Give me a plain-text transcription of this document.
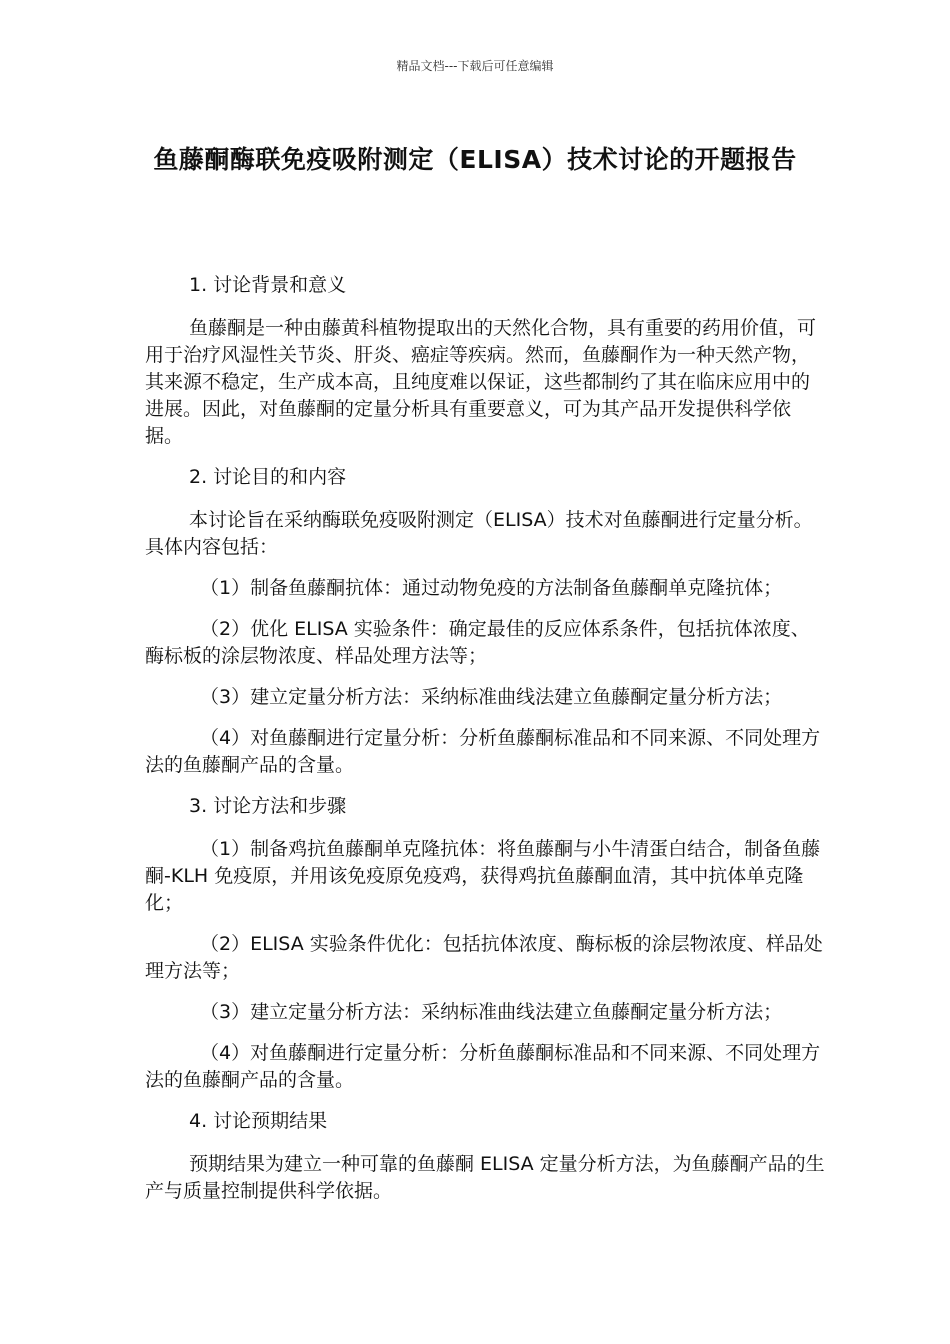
精品文档---下载后可任意编辑
鱼藤酮酶联免疫吸附测定（ELISA）技术讨论的开题报告

1. 讨论背景和意义

鱼藤酮是一种由藤黄科植物提取出的天然化合物，具有重要的药用价值，可用于治疗风湿性关节炎、肝炎、癌症等疾病。然而，鱼藤酮作为一种天然产物，其来源不稳定，生产成本高，且纯度难以保证，这些都制约了其在临床应用中的进展。因此，对鱼藤酮的定量分析具有重要意义，可为其产品开发提供科学依据。

2. 讨论目的和内容

本讨论旨在采纳酶联免疫吸附测定（ELISA）技术对鱼藤酮进行定量分析。具体内容包括：

（1）制备鱼藤酮抗体：通过动物免疫的方法制备鱼藤酮单克隆抗体；

（2）优化 ELISA 实验条件：确定最佳的反应体系条件，包括抗体浓度、酶标板的涂层物浓度、样品处理方法等；

（3）建立定量分析方法：采纳标准曲线法建立鱼藤酮定量分析方法；

（4）对鱼藤酮进行定量分析：分析鱼藤酮标准品和不同来源、不同处理方法的鱼藤酮产品的含量。

3. 讨论方法和步骤

（1）制备鸡抗鱼藤酮单克隆抗体：将鱼藤酮与小牛清蛋白结合，制备鱼藤酮-KLH 免疫原，并用该免疫原免疫鸡，获得鸡抗鱼藤酮血清，其中抗体单克隆化；

（2）ELISA 实验条件优化：包括抗体浓度、酶标板的涂层物浓度、样品处理方法等；

（3）建立定量分析方法：采纳标准曲线法建立鱼藤酮定量分析方法；

（4）对鱼藤酮进行定量分析：分析鱼藤酮标准品和不同来源、不同处理方法的鱼藤酮产品的含量。

4. 讨论预期结果

预期结果为建立一种可靠的鱼藤酮 ELISA 定量分析方法，为鱼藤酮产品的生产与质量控制提供科学依据。
